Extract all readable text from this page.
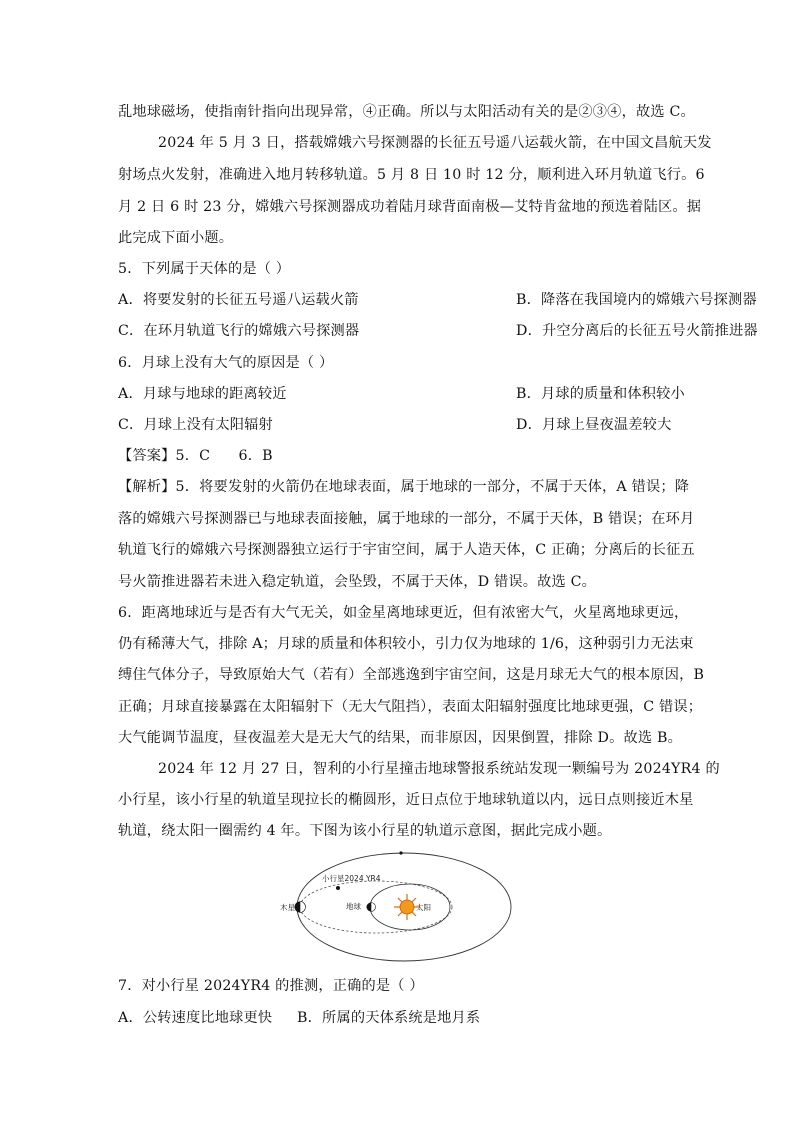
乱地球磁场，使指南针指向出现异常，④正确。所以与太阳活动有关的是②③④，故选 C。
2024 年 5 月 3 日，搭载嫦娥六号探测器的长征五号遥八运载火箭，在中国文昌航天发
射场点火发射，准确进入地月转移轨道。5 月 8 日 10 时 12 分，顺利进入环月轨道飞行。6
月 2 日 6 时 23 分，嫦娥六号探测器成功着陆月球背面南极—艾特肯盆地的预选着陆区。据
此完成下面小题。
5．下列属于天体的是（ ）
A．将要发射的长征五号遥八运载火箭	B．降落在我国境内的嫦娥六号探测器
C．在环月轨道飞行的嫦娥六号探测器	D．升空分离后的长征五号火箭推进器
6．月球上没有大气的原因是（ ）
A．月球与地球的距离较近	B．月球的质量和体积较小
C．月球上没有太阳辐射	D．月球上昼夜温差较大
【答案】5．C      6．B
【解析】5．将要发射的火箭仍在地球表面，属于地球的一部分，不属于天体，A 错误；降
落的嫦娥六号探测器已与地球表面接触，属于地球的一部分，不属于天体，B 错误；在环月
轨道飞行的嫦娥六号探测器独立运行于宇宙空间，属于人造天体，C 正确；分离后的长征五
号火箭推进器若未进入稳定轨道，会坠毁，不属于天体，D 错误。故选 C。
6．距离地球近与是否有大气无关，如金星离地球更近，但有浓密大气，火星离地球更远，
仍有稀薄大气，排除 A；月球的质量和体积较小，引力仅为地球的 1/6，这种弱引力无法束
缚住气体分子，导致原始大气（若有）全部逃逸到宇宙空间，这是月球无大气的根本原因，B
正确；月球直接暴露在太阳辐射下（无大气阻挡），表面太阳辐射强度比地球更强，C 错误；
大气能调节温度，昼夜温差大是无大气的结果，而非原因，因果倒置，排除 D。故选 B。
2024 年 12 月 27 日，智利的小行星撞击地球警报系统站发现一颗编号为 2024YR4 的
小行星，该小行星的轨道呈现拉长的椭圆形，近日点位于地球轨道以内，远日点则接近木星
轨道，绕太阳一圈需约 4 年。下图为该小行星的轨道示意图，据此完成小题。
小行星2024 YR4
木星	地球	太阳
7．对小行星 2024YR4 的推测，正确的是（ ）
A．公转速度比地球更快 B．所属的天体系统是地月系
